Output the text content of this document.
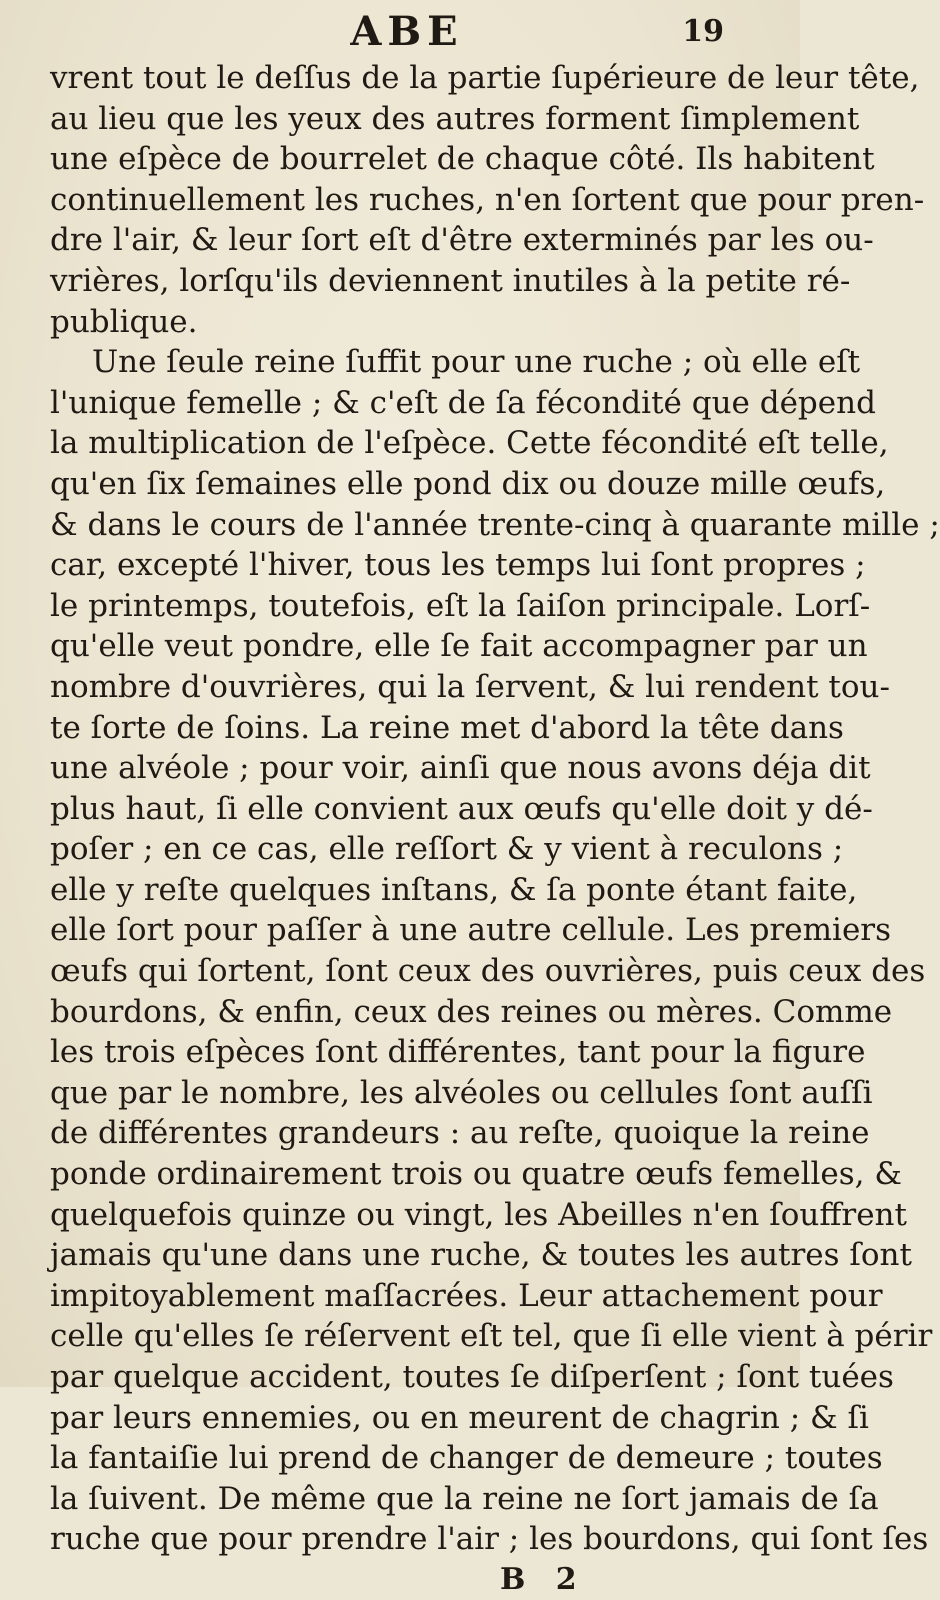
ABE	19
vrent tout le deſſus de la partie ſupérieure de leur tête,
au lieu que les yeux des autres forment ſimplement
une eſpèce de bourrelet de chaque côté. Ils habitent
continuellement les ruches, n'en ſortent que pour pren-
dre l'air, & leur ſort eſt d'être exterminés par les ou-
vrières, lorſqu'ils deviennent inutiles à la petite ré-
publique.
Une ſeule reine ſuffit pour une ruche ; où elle eſt
l'unique femelle ; & c'eſt de ſa fécondité que dépend
la multiplication de l'eſpèce. Cette fécondité eſt telle,
qu'en ſix ſemaines elle pond dix ou douze mille œufs,
& dans le cours de l'année trente-cinq à quarante mille ;
car, excepté l'hiver, tous les temps lui ſont propres ;
le printemps, toutefois, eſt la ſaiſon principale. Lorſ-
qu'elle veut pondre, elle ſe fait accompagner par un
nombre d'ouvrières, qui la ſervent, & lui rendent tou-
te ſorte de ſoins. La reine met d'abord la tête dans
une alvéole ; pour voir, ainſi que nous avons déja dit
plus haut, ſi elle convient aux œufs qu'elle doit y dé-
poſer ; en ce cas, elle reſſort & y vient à reculons ;
elle y reſte quelques inſtans, & ſa ponte étant faite,
elle ſort pour paſſer à une autre cellule. Les premiers
œufs qui ſortent, ſont ceux des ouvrières, puis ceux des
bourdons, & enfin, ceux des reines ou mères. Comme
les trois eſpèces ſont différentes, tant pour la figure
que par le nombre, les alvéoles ou cellules ſont auſſi
de différentes grandeurs : au reſte, quoique la reine
ponde ordinairement trois ou quatre œufs femelles, &
quelquefois quinze ou vingt, les Abeilles n'en ſouffrent
jamais qu'une dans une ruche, & toutes les autres ſont
impitoyablement maſſacrées. Leur attachement pour
celle qu'elles ſe réſervent eſt tel, que ſi elle vient à périr
par quelque accident, toutes ſe diſperſent ; ſont tuées
par leurs ennemies, ou en meurent de chagrin ; & ſi
la fantaiſie lui prend de changer de demeure ; toutes
la ſuivent. De même que la reine ne ſort jamais de ſa
ruche que pour prendre l'air ; les bourdons, qui ſont ſes
B 2
